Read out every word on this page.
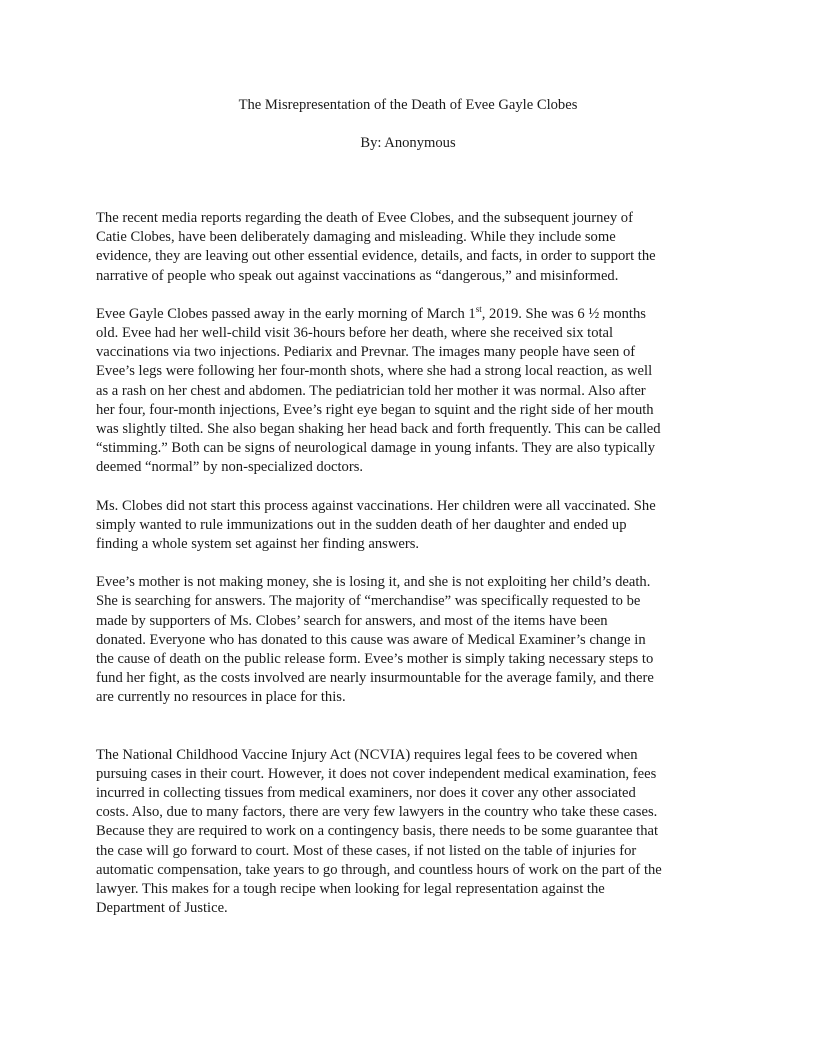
The Misrepresentation of the Death of Evee Gayle Clobes
By: Anonymous

The recent media reports regarding the death of Evee Clobes, and the subsequent journey of
Catie Clobes, have been deliberately damaging and misleading. While they include some
evidence, they are leaving out other essential evidence, details, and facts, in order to support the
narrative of people who speak out against vaccinations as “dangerous,” and misinformed.

Evee Gayle Clobes passed away in the early morning of March 1st, 2019. She was 6 ½ months
old. Evee had her well-child visit 36-hours before her death, where she received six total
vaccinations via two injections. Pediarix and Prevnar. The images many people have seen of
Evee’s legs were following her four-month shots, where she had a strong local reaction, as well
as a rash on her chest and abdomen. The pediatrician told her mother it was normal. Also after
her four, four-month injections, Evee’s right eye began to squint and the right side of her mouth
was slightly tilted. She also began shaking her head back and forth frequently. This can be called
“stimming.” Both can be signs of neurological damage in young infants. They are also typically
deemed “normal” by non-specialized doctors.

Ms. Clobes did not start this process against vaccinations. Her children were all vaccinated. She
simply wanted to rule immunizations out in the sudden death of her daughter and ended up
finding a whole system set against her finding answers.

Evee’s mother is not making money, she is losing it, and she is not exploiting her child’s death.
She is searching for answers. The majority of “merchandise” was specifically requested to be
made by supporters of Ms. Clobes’ search for answers, and most of the items have been
donated. Everyone who has donated to this cause was aware of Medical Examiner’s change in
the cause of death on the public release form. Evee’s mother is simply taking necessary steps to
fund her fight, as the costs involved are nearly insurmountable for the average family, and there
are currently no resources in place for this.

The National Childhood Vaccine Injury Act (NCVIA) requires legal fees to be covered when
pursuing cases in their court. However, it does not cover independent medical examination, fees
incurred in collecting tissues from medical examiners, nor does it cover any other associated
costs. Also, due to many factors, there are very few lawyers in the country who take these cases.
Because they are required to work on a contingency basis, there needs to be some guarantee that
the case will go forward to court. Most of these cases, if not listed on the table of injuries for
automatic compensation, take years to go through, and countless hours of work on the part of the
lawyer. This makes for a tough recipe when looking for legal representation against the
Department of Justice.
